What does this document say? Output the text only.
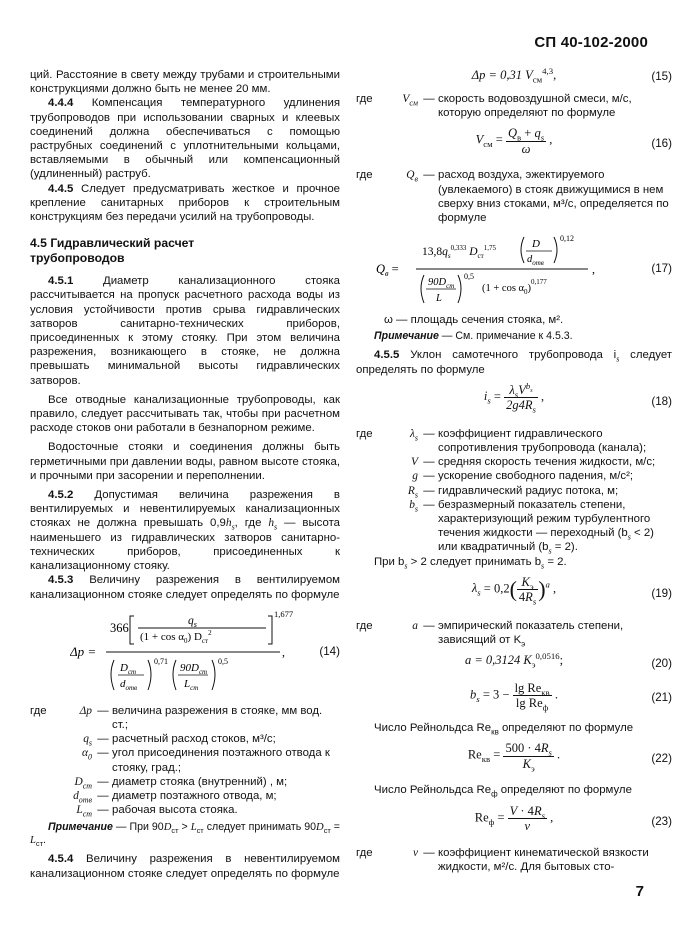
СП 40-102-2000

ций. Расстояние в свету между трубами и строительными конструкциями должно быть не менее 20 мм.

4.4.4 Компенсация температурного удлинения трубопроводов при использовании сварных и клеевых соединений должна обеспечиваться с помощью раструбных соединений с уплотнительными кольцами, вставляемыми в обычный или компенсационный (удлиненный) раструб.

4.4.5 Следует предусматривать жесткое и прочное крепление санитарных приборов к строительным конструкциям без передачи усилий на трубопроводы.

4.5 Гидравлический расчет трубопроводов

4.5.1 Диаметр канализационного стояка рассчитывается на пропуск расчетного расхода воды из условия устойчивости против срыва гидравлических затворов санитарно-технических приборов, присоединенных к этому стояку. При этом величина разрежения, возникающего в стояке, не должна превышать минимальной высоты гидравлических затворов.

Все отводные канализационные трубопроводы, как правило, следует рассчитывать так, чтобы при расчетном расходе стоков они работали в безнапорном режиме.

Водосточные стояки и соединения должны быть герметичными при давлении воды, равном высоте стояка, и прочными при засорении и переполнении.

4.5.2 Допустимая величина разрежения в вентилируемых и невентилируемых канализационных стояках не должна превышать $0,9h_s$, где $h_s$ — высота наименьшего из гидравлических затворов санитарно-технических приборов, присоединенных к канализационному стояку.

4.5.3 Величину разрежения в вентилируемом канализационном стояке следует определять по формуле

Δp =
366	$q_s$
$(1 + \cos \alpha_0)$ $D_{ст}^2$
1,677
$D_{ст}$
$d_{отв}$
0,71
$90D_{ст}$
$L_{ст}$
0,5
,	(14)
где	Δp — величина разрежения в стояке, мм вод. ст.;
$q_s$ — расчетный расход стоков, м³/с;
$\alpha_0$ — угол присоединения поэтажного отвода к стояку, град.;
$D_{ст}$ — диаметр стояка (внутренний) , м;
$d_{отв}$ — диаметр поэтажного отвода, м;
$L_{ст}$ — рабочая высота стояка.

Примечание — При $90D_{ст} > L_{ст}$ следует принимать $90D_{ст} = L_{ст}$.

4.5.4 Величину разрежения в невентилируемом канализационном стояке следует определять по формуле

Δp = 0,31 $V_{см}^{4,3}$,	(15)
где	$V_{см}$ — скорость водовоздушной смеси, м/с, которую определяют по формуле
$V_{см} = \frac{Q_в + q_s}{\omega}$ ,	(16)
где	$Q_в$ — расход воздуха, эжектируемого (увлекаемого) в стояк движущимися в нем сверху вниз стоками, м³/с, определяется по формуле
$Q_в$ =
$13,8q_s^{0,333}$ $D_{ст}^{1,75}$	D
$d_{отв}$
0,12
$90D_{ст}$
L
0,5
$(1 + \cos \alpha_0)^{0,177}$
,	(17)

ω — площадь сечения стояка, м².

Примечание — См. примечание к 4.5.3.

4.5.5 Уклон самотечного трубопровода $i_s$ следует определять по формуле

$i_s = \frac{\lambda_sV^{b_s}}{2g4R_s}$ ,	(18)
где	$\lambda_s$ — коэффициент гидравлического сопротивления трубопровода (канала);
V — средняя скорость течения жидкости, м/с;
g — ускорение свободного падения, м/с²;
$R_s$ — гидравлический радиус потока, м;
$b_s$ — безразмерный показатель степени, характеризующий режим турбулентного течения жидкости — переходный $(b_s < 2)$ или квадратичный $(b_s = 2)$.

При $b_s > 2$ следует принимать $b_s = 2$.

$\lambda_s = 0,2( \frac{K_э}{4R_s} )^a$ ,	(19)
где	a — эмпирический показатель степени, зависящий от $K_э$
a = 0,3124 $K_э^{0,0516}$;	(20)
$b_s = 3 - \frac{\lg Re_{кв}}{\lg Re_ф}$ .	(21)

Число Рейнольдса $Re_{кв}$ определяют по формуле

$Re_{кв} = \frac{500 \cdot 4R_s}{K_э}$ .	(22)

Число Рейнольдса $Re_ф$ определяют по формуле

$Re_ф = \frac{V \cdot 4R_s}{\nu}$ ,	(23)
где	ν — коэффициент кинематической вязкости жидкости, м²/с. Для бытовых сто-
7
